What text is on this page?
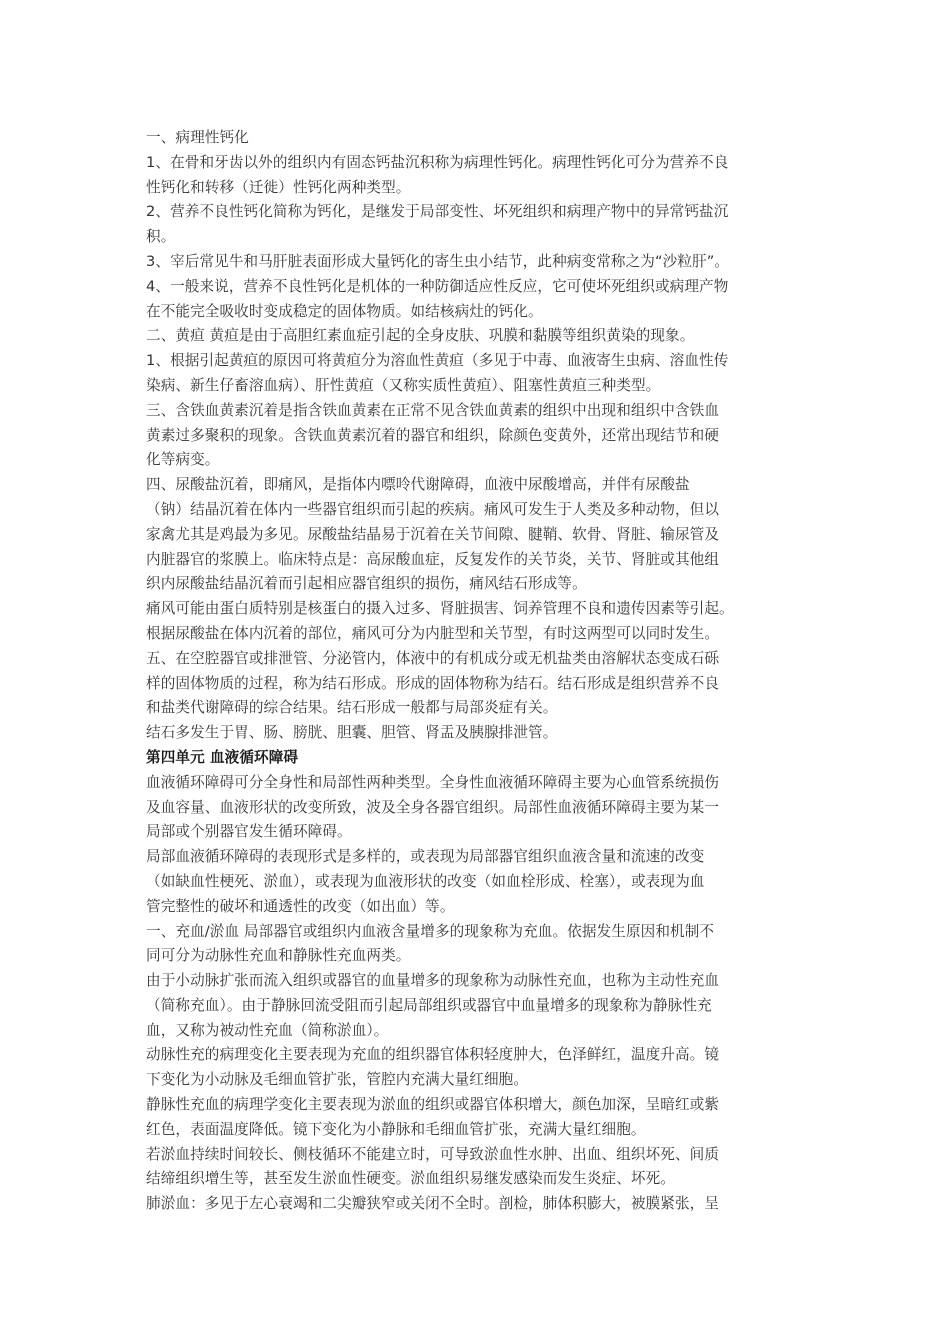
一、病理性钙化
1、在骨和牙齿以外的组织内有固态钙盐沉积称为病理性钙化。病理性钙化可分为营养不良
性钙化和转移（迁徙）性钙化两种类型。
2、营养不良性钙化简称为钙化，是继发于局部变性、坏死组织和病理产物中的异常钙盐沉
积。
3、宰后常见牛和马肝脏表面形成大量钙化的寄生虫小结节，此种病变常称之为“沙粒肝”。
4、一般来说，营养不良性钙化是机体的一种防御适应性反应，它可使坏死组织或病理产物
在不能完全吸收时变成稳定的固体物质。如结核病灶的钙化。
二、黄疸 黄疸是由于高胆红素血症引起的全身皮肤、巩膜和黏膜等组织黄染的现象。
1、根据引起黄疸的原因可将黄疸分为溶血性黄疸（多见于中毒、血液寄生虫病、溶血性传
染病、新生仔畜溶血病）、肝性黄疸（又称实质性黄疸）、阻塞性黄疸三种类型。
三、含铁血黄素沉着是指含铁血黄素在正常不见含铁血黄素的组织中出现和组织中含铁血
黄素过多聚积的现象。含铁血黄素沉着的器官和组织，除颜色变黄外，还常出现结节和硬
化等病变。
四、尿酸盐沉着，即痛风，是指体内嘌呤代谢障碍，血液中尿酸增高，并伴有尿酸盐
（钠）结晶沉着在体内一些器官组织而引起的疾病。痛风可发生于人类及多种动物，但以
家禽尤其是鸡最为多见。尿酸盐结晶易于沉着在关节间隙、腱鞘、软骨、肾脏、输尿管及
内脏器官的浆膜上。临床特点是：高尿酸血症，反复发作的关节炎，关节、肾脏或其他组
织内尿酸盐结晶沉着而引起相应器官组织的损伤，痛风结石形成等。
痛风可能由蛋白质特别是核蛋白的摄入过多、肾脏损害、饲养管理不良和遗传因素等引起。
根据尿酸盐在体内沉着的部位，痛风可分为内脏型和关节型，有时这两型可以同时发生。
五、在空腔器官或排泄管、分泌管内，体液中的有机成分或无机盐类由溶解状态变成石砾
样的固体物质的过程，称为结石形成。形成的固体物称为结石。结石形成是组织营养不良
和盐类代谢障碍的综合结果。结石形成一般都与局部炎症有关。
结石多发生于胃、肠、膀胱、胆囊、胆管、肾盂及胰腺排泄管。
第四单元 血液循环障碍
血液循环障碍可分全身性和局部性两种类型。全身性血液循环障碍主要为心血管系统损伤
及血容量、血液形状的改变所致，波及全身各器官组织。局部性血液循环障碍主要为某一
局部或个别器官发生循环障碍。
局部血液循环障碍的表现形式是多样的，或表现为局部器官组织血液含量和流速的改变
（如缺血性梗死、淤血），或表现为血液形状的改变（如血栓形成、栓塞），或表现为血
管完整性的破坏和通透性的改变（如出血）等。
一、充血/淤血 局部器官或组织内血液含量增多的现象称为充血。依据发生原因和机制不
同可分为动脉性充血和静脉性充血两类。
由于小动脉扩张而流入组织或器官的血量增多的现象称为动脉性充血，也称为主动性充血
（简称充血）。由于静脉回流受阻而引起局部组织或器官中血量增多的现象称为静脉性充
血，又称为被动性充血（简称淤血）。
动脉性充的病理变化主要表现为充血的组织器官体积轻度肿大，色泽鲜红，温度升高。镜
下变化为小动脉及毛细血管扩张，管腔内充满大量红细胞。
静脉性充血的病理学变化主要表现为淤血的组织或器官体积增大，颜色加深，呈暗红或紫
红色，表面温度降低。镜下变化为小静脉和毛细血管扩张，充满大量红细胞。
若淤血持续时间较长、侧枝循环不能建立时，可导致淤血性水肿、出血、组织坏死、间质
结缔组织增生等，甚至发生淤血性硬变。淤血组织易继发感染而发生炎症、坏死。
肺淤血：多见于左心衰竭和二尖瓣狭窄或关闭不全时。剖检，肺体积膨大，被膜紧张，呈
